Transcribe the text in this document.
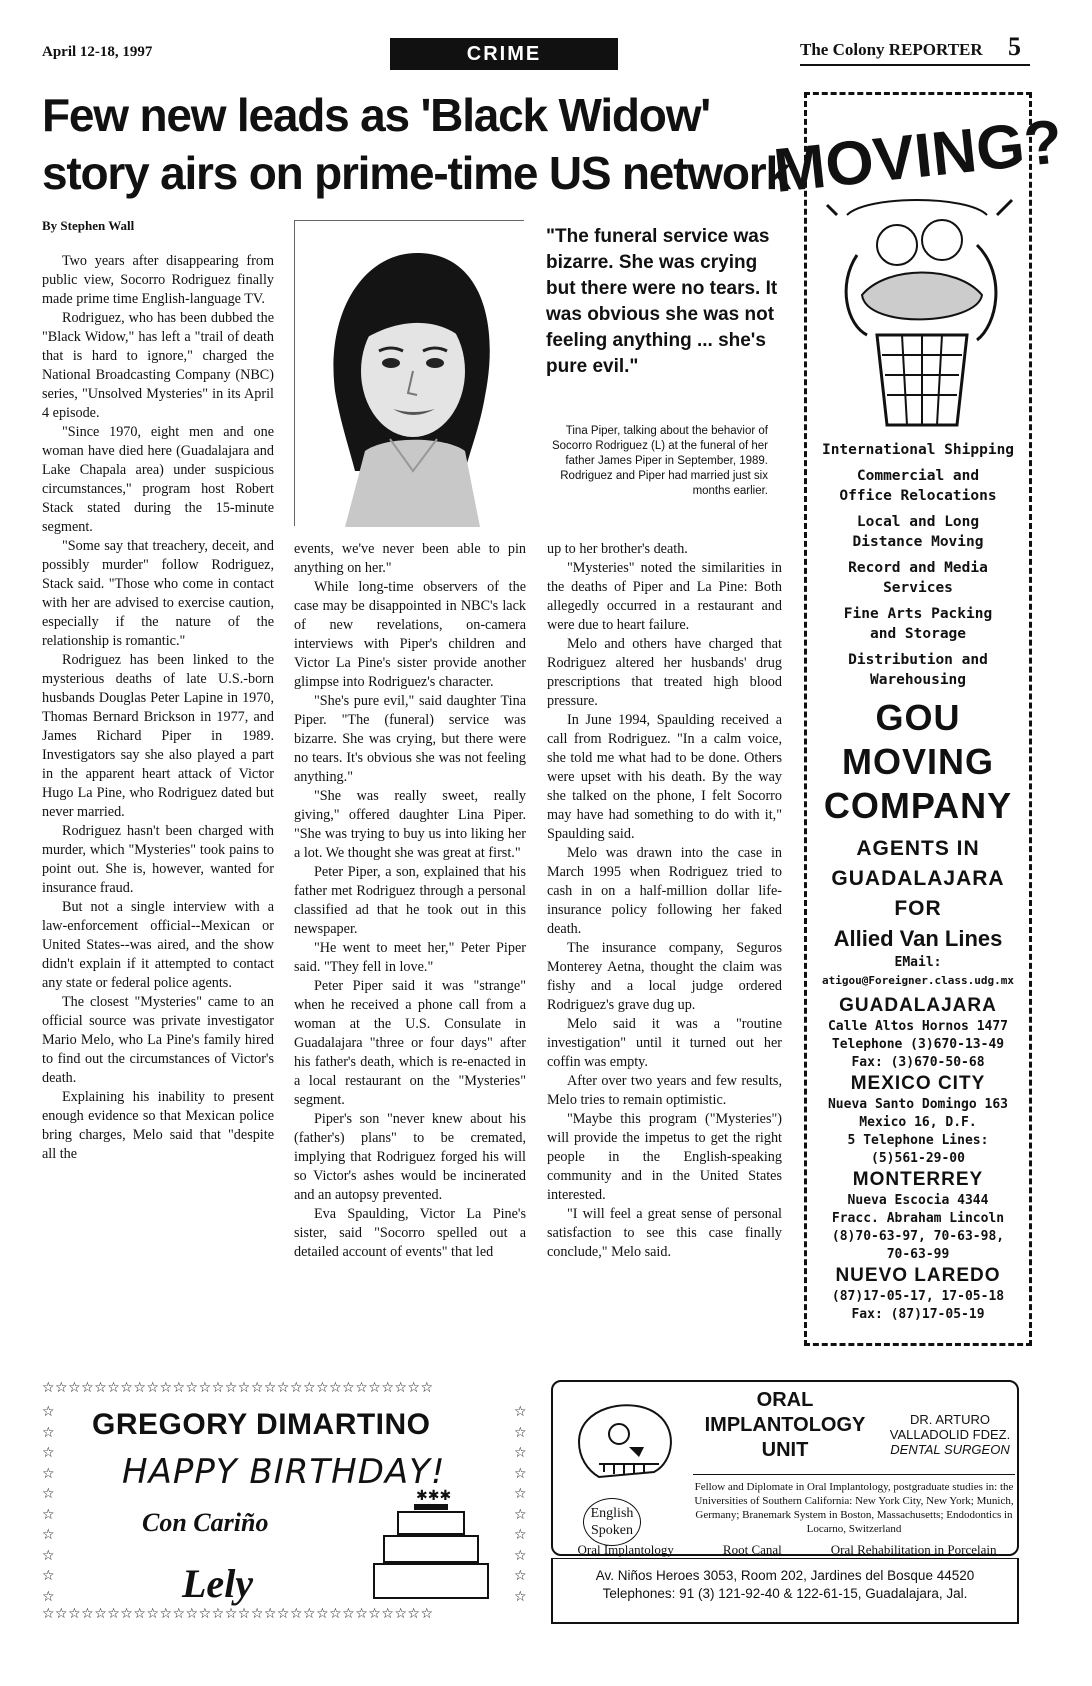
April 12-18, 1997	CRIME	The Colony REPORTER 5
Few new leads as 'Black Widow' story airs on prime-time US network
By Stephen Wall

Two years after disappearing from public view, Socorro Rodriguez finally made prime time English-language TV.

Rodriguez, who has been dubbed the "Black Widow," has left a "trail of death that is hard to ignore," charged the National Broadcasting Company (NBC) series, "Unsolved Mysteries" in its April 4 episode.

"Since 1970, eight men and one woman have died here (Guadalajara and Lake Chapala area) under suspicious circumstances," program host Robert Stack stated during the 15-minute segment.

"Some say that treachery, deceit, and possibly murder" follow Rodriguez, Stack said. "Those who come in contact with her are advised to exercise caution, especially if the nature of the relationship is romantic."

Rodriguez has been linked to the mysterious deaths of late U.S.-born husbands Douglas Peter Lapine in 1970, Thomas Bernard Brickson in 1977, and James Richard Piper in 1989. Investigators say she also played a part in the apparent heart attack of Victor Hugo La Pine, who Rodriguez dated but never married.

Rodriguez hasn't been charged with murder, which "Mysteries" took pains to point out. She is, however, wanted for insurance fraud.

But not a single interview with a law-enforcement official--Mexican or United States--was aired, and the show didn't explain if it attempted to contact any state or federal police agents.

The closest "Mysteries" came to an official source was private investigator Mario Melo, who La Pine's family hired to find out the circumstances of Victor's death.

Explaining his inability to present enough evidence so that Mexican police bring charges, Melo said that "despite all the

"The funeral service was bizarre. She was crying but there were no tears. It was obvious she was not feeling anything ... she's pure evil."
Tina Piper, talking about the behavior of Socorro Rodriguez (L) at the funeral of her father James Piper in September, 1989. Rodriguez and Piper had married just six months earlier.

events, we've never been able to pin anything on her."

While long-time observers of the case may be disappointed in NBC's lack of new revelations, on-camera interviews with Piper's children and Victor La Pine's sister provide another glimpse into Rodriguez's character.

"She's pure evil," said daughter Tina Piper. "The (funeral) service was bizarre. She was crying, but there were no tears. It's obvious she was not feeling anything."

"She was really sweet, really giving," offered daughter Lina Piper. "She was trying to buy us into liking her a lot. We thought she was great at first."

Peter Piper, a son, explained that his father met Rodriguez through a personal classified ad that he took out in this newspaper.

"He went to meet her," Peter Piper said. "They fell in love."

Peter Piper said it was "strange" when he received a phone call from a woman at the U.S. Consulate in Guadalajara "three or four days" after his father's death, which is re-enacted in a local restaurant on the "Mysteries" segment.

Piper's son "never knew about his (father's) plans" to be cremated, implying that Rodriguez forged his will so Victor's ashes would be incinerated and an autopsy prevented.

Eva Spaulding, Victor La Pine's sister, said "Socorro spelled out a detailed account of events" that led

up to her brother's death.

"Mysteries" noted the similarities in the deaths of Piper and La Pine: Both allegedly occurred in a restaurant and were due to heart failure.

Melo and others have charged that Rodriguez altered her husbands' drug prescriptions that treated high blood pressure.

In June 1994, Spaulding received a call from Rodriguez. "In a calm voice, she told me what had to be done. Others were upset with his death. By the way she talked on the phone, I felt Socorro may have had something to do with it," Spaulding said.

Melo was drawn into the case in March 1995 when Rodriguez tried to cash in on a half-million dollar life-insurance policy following her faked death.

The insurance company, Seguros Monterey Aetna, thought the claim was fishy and a local judge ordered Rodriguez's grave dug up.

Melo said it was a "routine investigation" until it turned out her coffin was empty.

After over two years and few results, Melo tries to remain optimistic.

"Maybe this program ("Mysteries") will provide the impetus to get the right people in the English-speaking community and in the United States interested.

"I will feel a great sense of personal satisfaction to see this case finally conclude," Melo said.

MOVING?
International Shipping
Commercial and Office Relocations
Local and Long Distance Moving
Record and Media Services
Fine Arts Packing and Storage
Distribution and Warehousing
GOU
MOVING
COMPANY
AGENTS IN
GUADALAJARA
FOR
Allied Van Lines
EMail:
atigou@Foreigner.class.udg.mx
GUADALAJARA
Calle Altos Hornos 1477
Telephone (3)670-13-49
Fax: (3)670-50-68
MEXICO CITY
Nueva Santo Domingo 163
Mexico 16, D.F.
5 Telephone Lines:
(5)561-29-00
MONTERREY
Nueva Escocia 4344
Fracc. Abraham Lincoln
(8)70-63-97, 70-63-98,
70-63-99
NUEVO LAREDO
(87)17-05-17, 17-05-18
Fax: (87)17-05-19
☆☆☆☆☆☆☆☆☆☆☆☆☆☆☆☆☆☆☆☆☆☆☆☆☆☆☆☆☆☆
☆
☆
☆
☆
☆
☆
☆
☆
☆
☆
☆
☆
☆
☆
☆
☆
☆
☆
☆
☆
☆☆☆☆☆☆☆☆☆☆☆☆☆☆☆☆☆☆☆☆☆☆☆☆☆☆☆☆☆☆
GREGORY DIMARTINO
HAPPY BIRTHDAY!
Con Cariño
Lely
✱✱✱
ORAL
IMPLANTOLOGY
UNIT
DR. ARTURO
VALLADOLID FDEZ.
DENTAL SURGEON
Fellow and Diplomate in Oral Implantology, postgraduate studies in: the Universities of Southern California: New York City, New York; Munich, Germany; Branemark System in Boston, Massachusetts; Endodontics in Locarno, Switzerland
English
Spoken
Oral Implantology	Root Canal	Oral Rehabilitation in Porcelain
Av. Niños Heroes 3053, Room 202, Jardines del Bosque 44520
Telephones: 91 (3) 121-92-40 & 122-61-15, Guadalajara, Jal.
